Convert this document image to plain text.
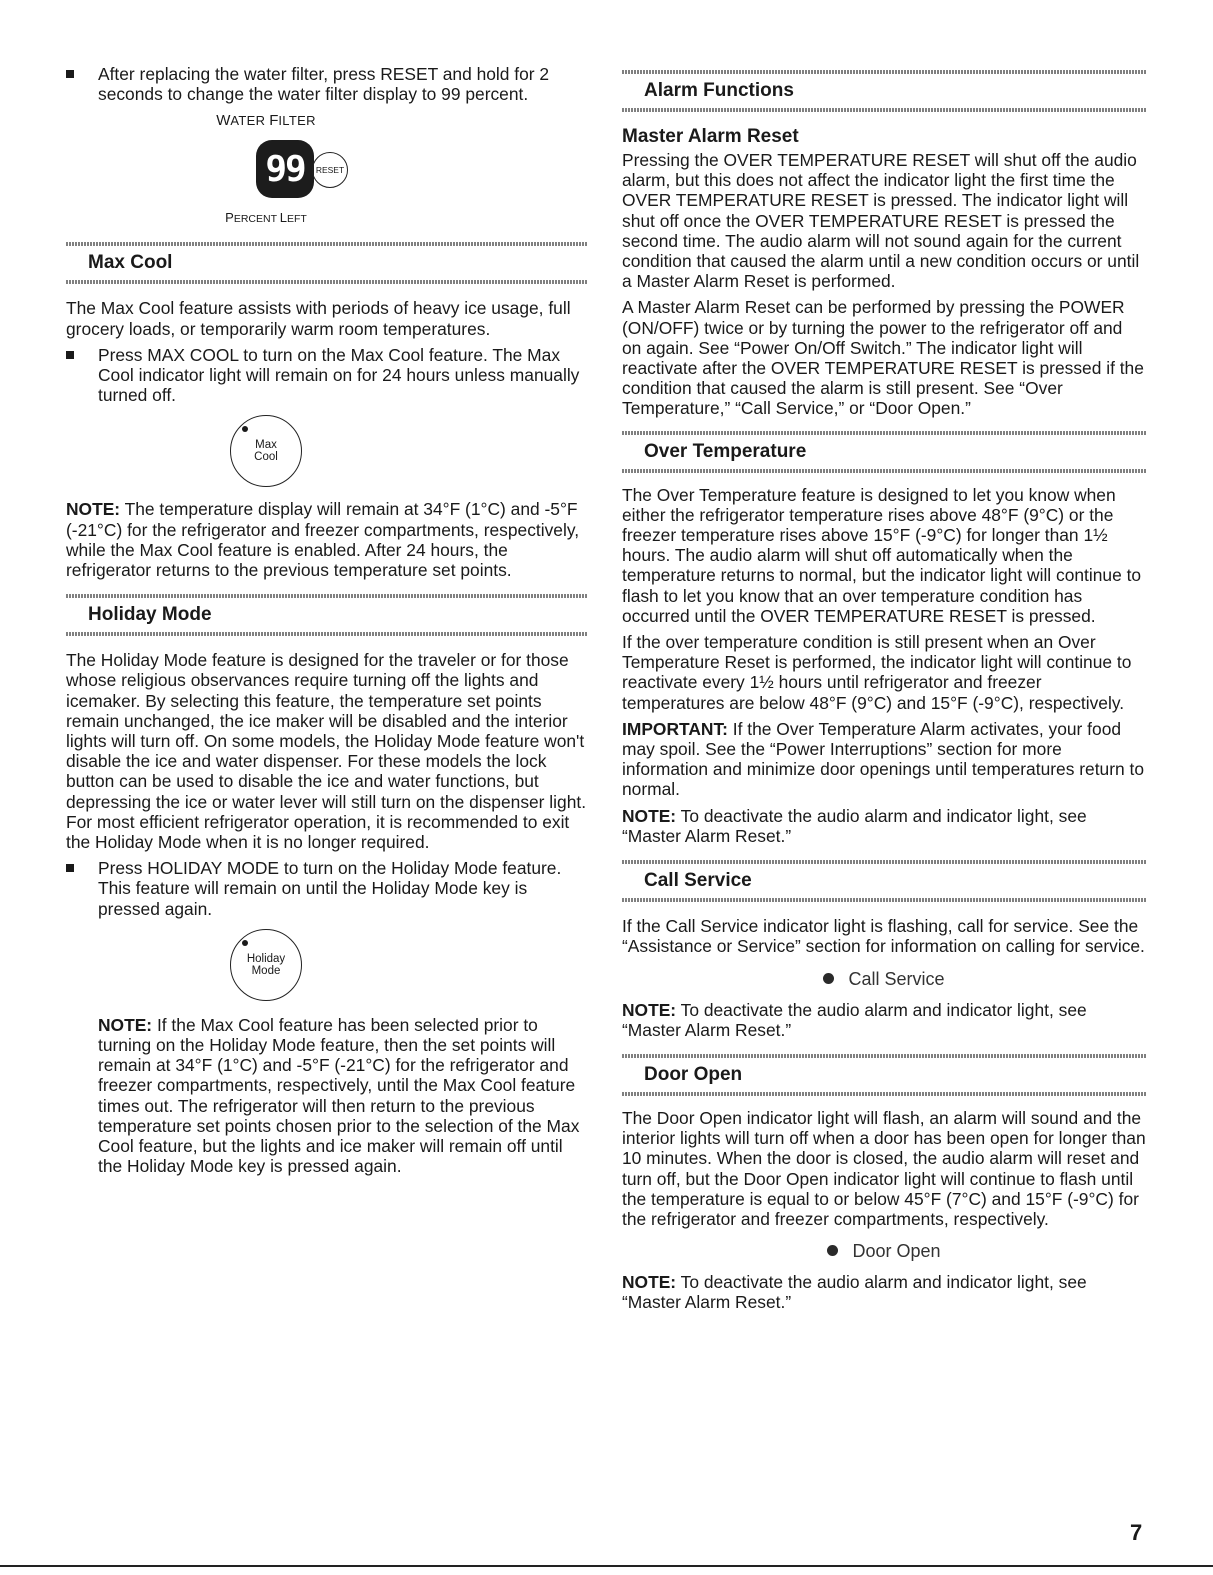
After replacing the water filter, press RESET and hold for 2 seconds to change the water filter display to 99 percent.
WATER FILTER
99 RESET
PERCENT LEFT
Max Cool

The Max Cool feature assists with periods of heavy ice usage, full grocery loads, or temporarily warm room temperatures.

Press MAX COOL to turn on the Max Cool feature. The Max Cool indicator light will remain on for 24 hours unless manually turned off.
Max
Cool

NOTE: The temperature display will remain at 34°F (1°C) and -5°F (-21°C) for the refrigerator and freezer compartments, respectively, while the Max Cool feature is enabled. After 24 hours, the refrigerator returns to the previous temperature set points.

Holiday Mode

The Holiday Mode feature is designed for the traveler or for those whose religious observances require turning off the lights and icemaker. By selecting this feature, the temperature set points remain unchanged, the ice maker will be disabled and the interior lights will turn off. On some models, the Holiday Mode feature won't disable the ice and water dispenser. For these models the lock button can be used to disable the ice and water functions, but depressing the ice or water lever will still turn on the dispenser light. For most efficient refrigerator operation, it is recommended to exit the Holiday Mode when it is no longer required.

Press HOLIDAY MODE to turn on the Holiday Mode feature. This feature will remain on until the Holiday Mode key is pressed again.
Holiday
Mode

NOTE: If the Max Cool feature has been selected prior to turning on the Holiday Mode feature, then the set points will remain at 34°F (1°C) and -5°F (-21°C) for the refrigerator and freezer compartments, respectively, until the Max Cool feature times out. The refrigerator will then return to the previous temperature set points chosen prior to the selection of the Max Cool feature, but the lights and ice maker will remain off until the Holiday Mode key is pressed again.

Alarm Functions
Master Alarm Reset

Pressing the OVER TEMPERATURE RESET will shut off the audio alarm, but this does not affect the indicator light the first time the OVER TEMPERATURE RESET is pressed. The indicator light will shut off once the OVER TEMPERATURE RESET is pressed the second time. The audio alarm will not sound again for the current condition that caused the alarm until a new condition occurs or until a Master Alarm Reset is performed.

A Master Alarm Reset can be performed by pressing the POWER (ON/OFF) twice or by turning the power to the refrigerator off and on again. See “Power On/Off Switch.” The indicator light will reactivate after the OVER TEMPERATURE RESET is pressed if the condition that caused the alarm is still present. See “Over Temperature,” “Call Service,” or “Door Open.”

Over Temperature

The Over Temperature feature is designed to let you know when either the refrigerator temperature rises above 48°F (9°C) or the freezer temperature rises above 15°F (-9°C) for longer than 1½ hours. The audio alarm will shut off automatically when the temperature returns to normal, but the indicator light will continue to flash to let you know that an over temperature condition has occurred until the OVER TEMPERATURE RESET is pressed.

If the over temperature condition is still present when an Over Temperature Reset is performed, the indicator light will continue to reactivate every 1½ hours until refrigerator and freezer temperatures are below 48°F (9°C) and 15°F (-9°C), respectively.

IMPORTANT: If the Over Temperature Alarm activates, your food may spoil. See the “Power Interruptions” section for more information and minimize door openings until temperatures return to normal.

NOTE: To deactivate the audio alarm and indicator light, see “Master Alarm Reset.”

Call Service

If the Call Service indicator light is flashing, call for service. See the “Assistance or Service” section for information on calling for service.

Call Service

NOTE: To deactivate the audio alarm and indicator light, see “Master Alarm Reset.”

Door Open

The Door Open indicator light will flash, an alarm will sound and the interior lights will turn off when a door has been open for longer than 10 minutes. When the door is closed, the audio alarm will reset and turn off, but the Door Open indicator light will continue to flash until the temperature is equal to or below 45°F (7°C) and 15°F (-9°C) for the refrigerator and freezer compartments, respectively.

Door Open

NOTE: To deactivate the audio alarm and indicator light, see “Master Alarm Reset.”

7
